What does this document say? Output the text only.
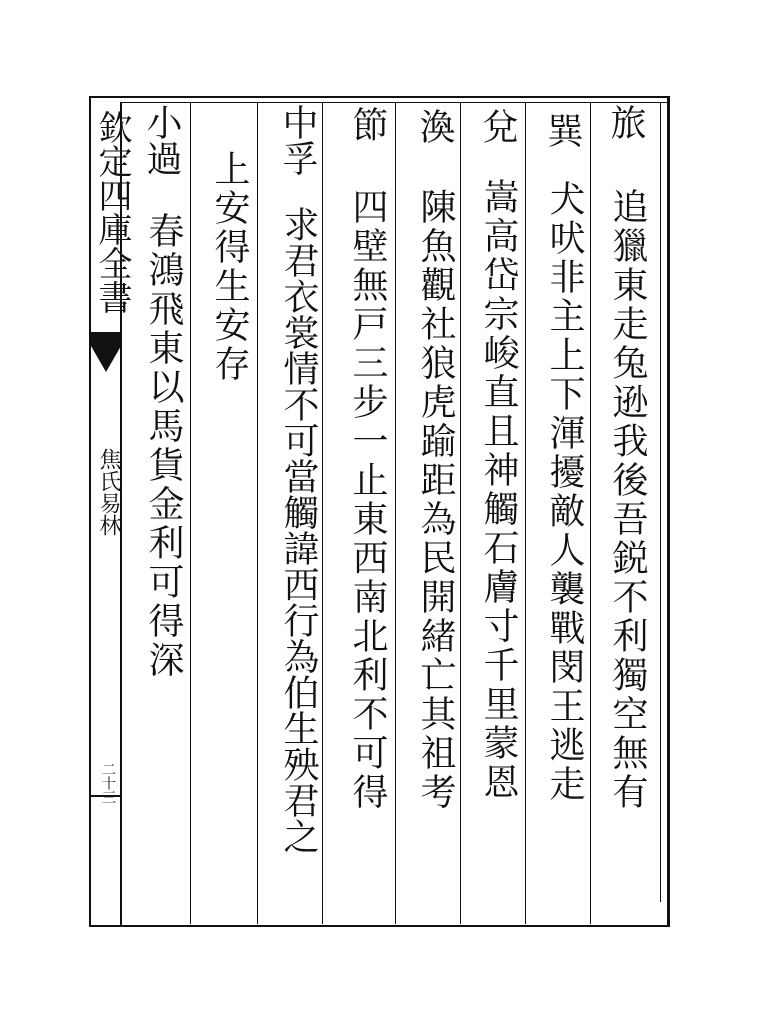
欽定四庫全書
焦氏易林
二十三
旅
追獵東走兔逊我後吾鋭不利獨空無有
巽
犬吠非主上下渾擾敵人襲戰閔王逃走
兌
嵩高岱宗峻直且神觸石膚寸千里蒙恩
渙
陳魚觀社狼虎踰距為民開緒亡其祖考
節
四壁無戸三步一止東西南北利不可得
中孚
求君衣裳情不可當觸諱西行為伯生殃君之
上安得生安存
小過
春鴻飛東以馬貨金利可得深
